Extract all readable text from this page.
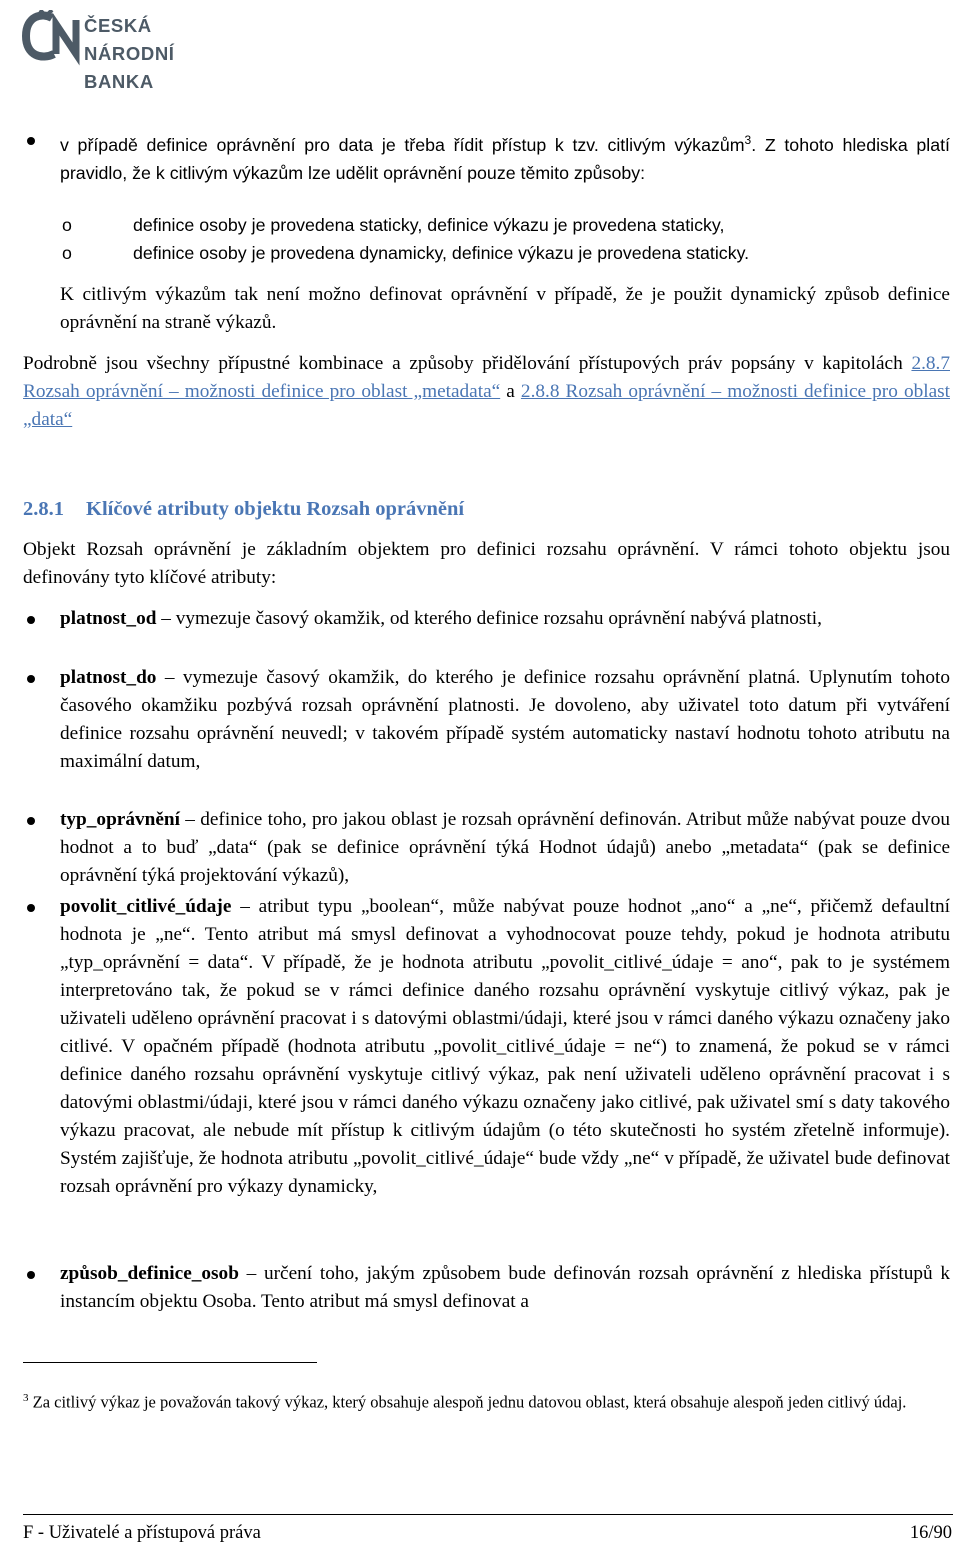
ČESKÁ
NÁRODNÍ BANKA
v případě definice oprávnění pro data je třeba řídit přístup k tzv. citlivým výkazům$^3$. Z tohoto hlediska platí pravidlo, že k citlivým výkazům lze udělit oprávnění pouze těmito způsoby:
o	definice osoby je provedena staticky, definice výkazu je provedena staticky,
o	definice osoby je provedena dynamicky, definice výkazu je provedena staticky.
K citlivým výkazům tak není možno definovat oprávnění v případě, že je použit dynamický způsob definice oprávnění na straně výkazů.
Podrobně jsou všechny přípustné kombinace a způsoby přidělování přístupových práv popsány v kapitolách 2.8.7 Rozsah oprávnění – možnosti definice pro oblast „metadata“ a 2.8.8 Rozsah oprávnění – možnosti definice pro oblast „data“
2.8.1 Klíčové atributy objektu Rozsah oprávnění
Objekt Rozsah oprávnění je základním objektem pro definici rozsahu oprávnění. V rámci tohoto objektu jsou definovány tyto klíčové atributy:
platnost_od – vymezuje časový okamžik, od kterého definice rozsahu oprávnění nabývá platnosti,
platnost_do – vymezuje časový okamžik, do kterého je definice rozsahu oprávnění platná. Uplynutím tohoto časového okamžiku pozbývá rozsah oprávnění platnosti. Je dovoleno, aby uživatel toto datum při vytváření definice rozsahu oprávnění neuvedl; v takovém případě systém automaticky nastaví hodnotu tohoto atributu na maximální datum,
typ_oprávnění – definice toho, pro jakou oblast je rozsah oprávnění definován. Atribut může nabývat pouze dvou hodnot a to buď „data“ (pak se definice oprávnění týká Hodnot údajů) anebo „metadata“ (pak se definice oprávnění týká projektování výkazů),
povolit_citlivé_údaje – atribut typu „boolean“, může nabývat pouze hodnot „ano“ a „ne“, přičemž defaultní hodnota je „ne“. Tento atribut má smysl definovat a vyhodnocovat pouze tehdy, pokud je hodnota atributu „typ_oprávnění = data“. V případě, že je hodnota atributu „povolit_citlivé_údaje = ano“, pak to je systémem interpretováno tak, že pokud se v rámci definice daného rozsahu oprávnění vyskytuje citlivý výkaz, pak je uživateli uděleno oprávnění pracovat i s datovými oblastmi/údaji, které jsou v rámci daného výkazu označeny jako citlivé. V opačném případě (hodnota atributu „povolit_citlivé_údaje = ne“) to znamená, že pokud se v rámci definice daného rozsahu oprávnění vyskytuje citlivý výkaz, pak není uživateli uděleno oprávnění pracovat i s datovými oblastmi/údaji, které jsou v rámci daného výkazu označeny jako citlivé, pak uživatel smí s daty takového výkazu pracovat, ale nebude mít přístup k citlivým údajům (o této skutečnosti ho systém zřetelně informuje). Systém zajišťuje, že hodnota atributu „povolit_citlivé_údaje“ bude vždy „ne“ v případě, že uživatel bude definovat rozsah oprávnění pro výkazy dynamicky,
způsob_definice_osob – určení toho, jakým způsobem bude definován rozsah oprávnění z hlediska přístupů k instancím objektu Osoba. Tento atribut má smysl definovat a
$^3$ Za citlivý výkaz je považován takový výkaz, který obsahuje alespoň jednu datovou oblast, která obsahuje alespoň jeden citlivý údaj.
F - Uživatelé a přístupová práva	16/90
